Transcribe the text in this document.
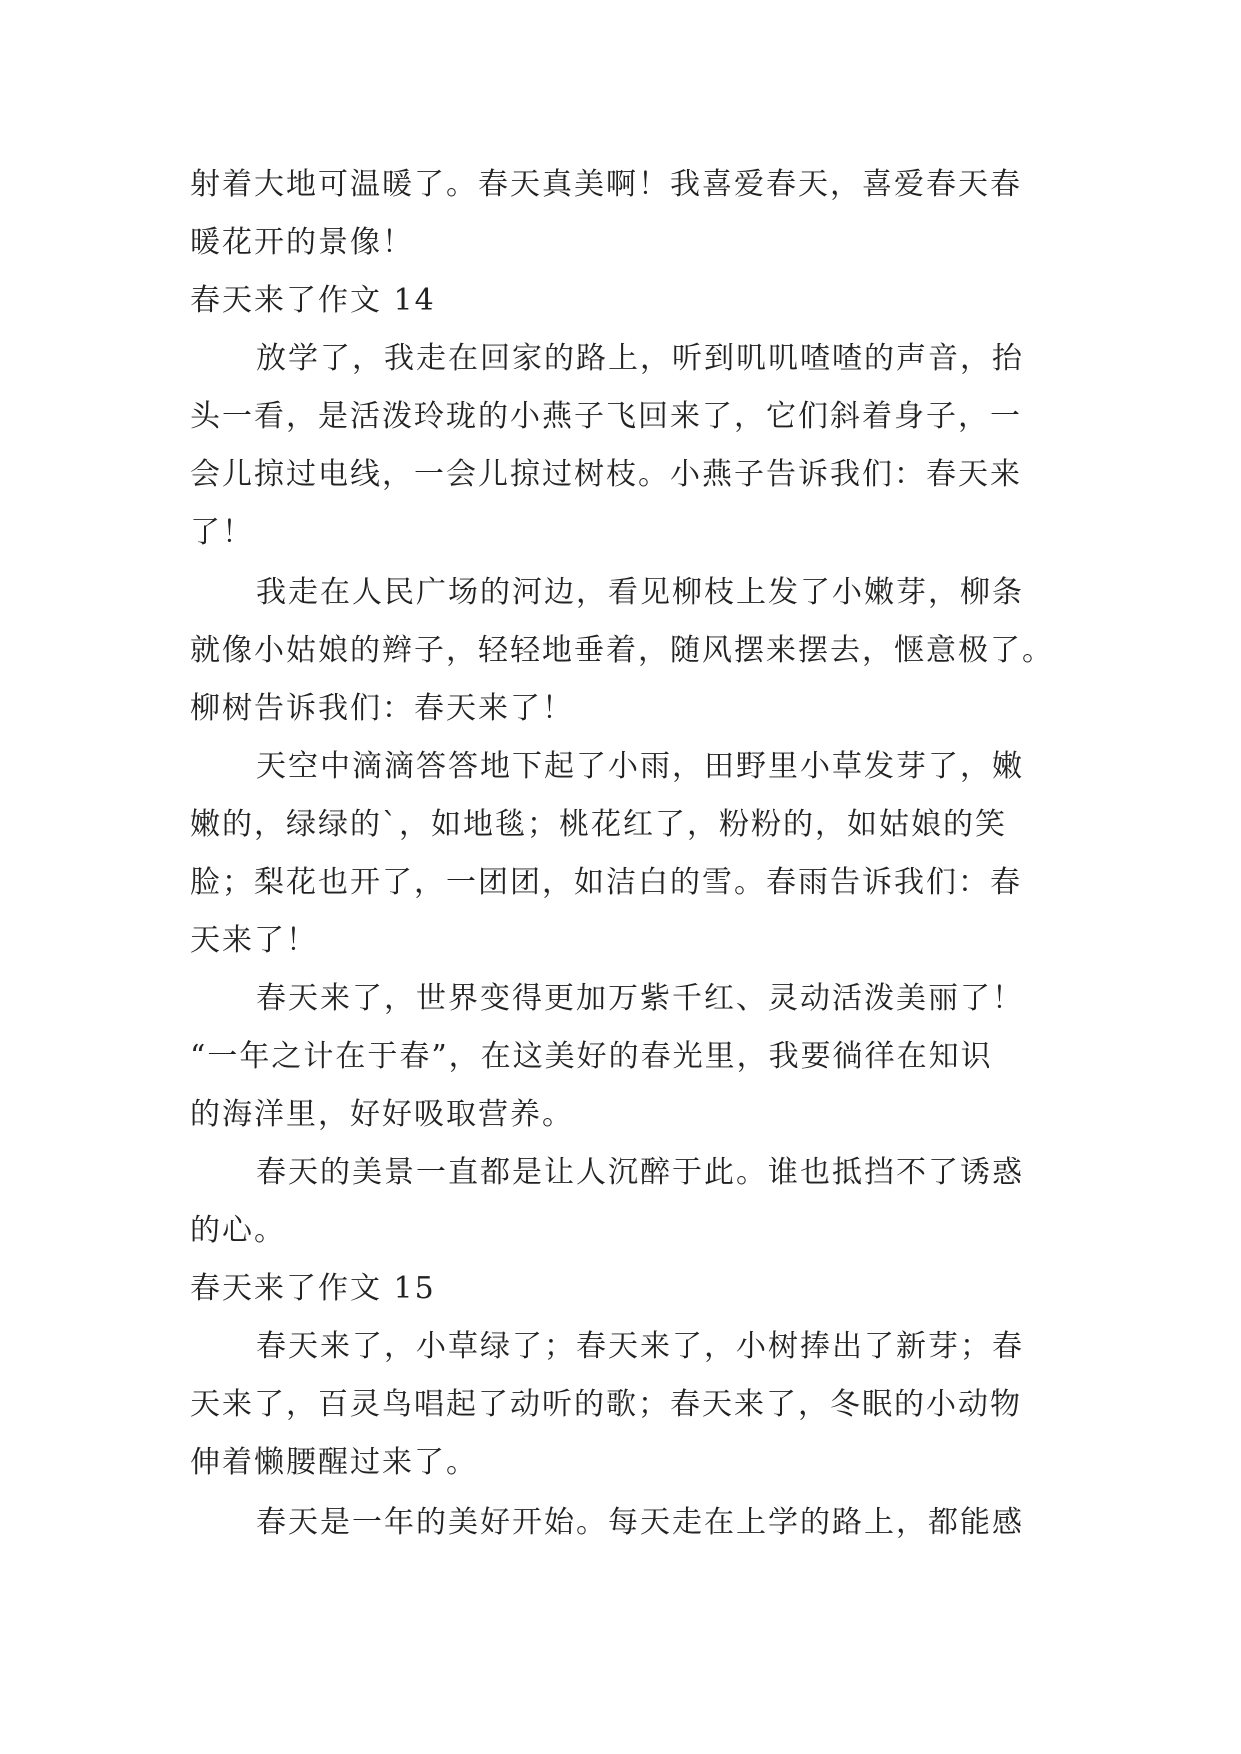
射着大地可温暖了。春天真美啊！我喜爱春天，喜爱春天春
暖花开的景像！
春天来了作文 14
放学了，我走在回家的路上，听到叽叽喳喳的声音，抬
头一看，是活泼玲珑的小燕子飞回来了，它们斜着身子，一
会儿掠过电线，一会儿掠过树枝。小燕子告诉我们：春天来
了！
我走在人民广场的河边，看见柳枝上发了小嫩芽，柳条
就像小姑娘的辫子，轻轻地垂着，随风摆来摆去，惬意极了。
柳树告诉我们：春天来了！
天空中滴滴答答地下起了小雨，田野里小草发芽了，嫩
嫩的，绿绿的`，如地毯；桃花红了，粉粉的，如姑娘的笑
脸；梨花也开了，一团团，如洁白的雪。春雨告诉我们：春
天来了！
春天来了，世界变得更加万紫千红、灵动活泼美丽了！
“一年之计在于春”，在这美好的春光里，我要徜徉在知识
的海洋里，好好吸取营养。
春天的美景一直都是让人沉醉于此。谁也抵挡不了诱惑
的心。
春天来了作文 15
春天来了，小草绿了；春天来了，小树捧出了新芽；春
天来了，百灵鸟唱起了动听的歌；春天来了，冬眠的小动物
伸着懒腰醒过来了。
春天是一年的美好开始。每天走在上学的路上，都能感
